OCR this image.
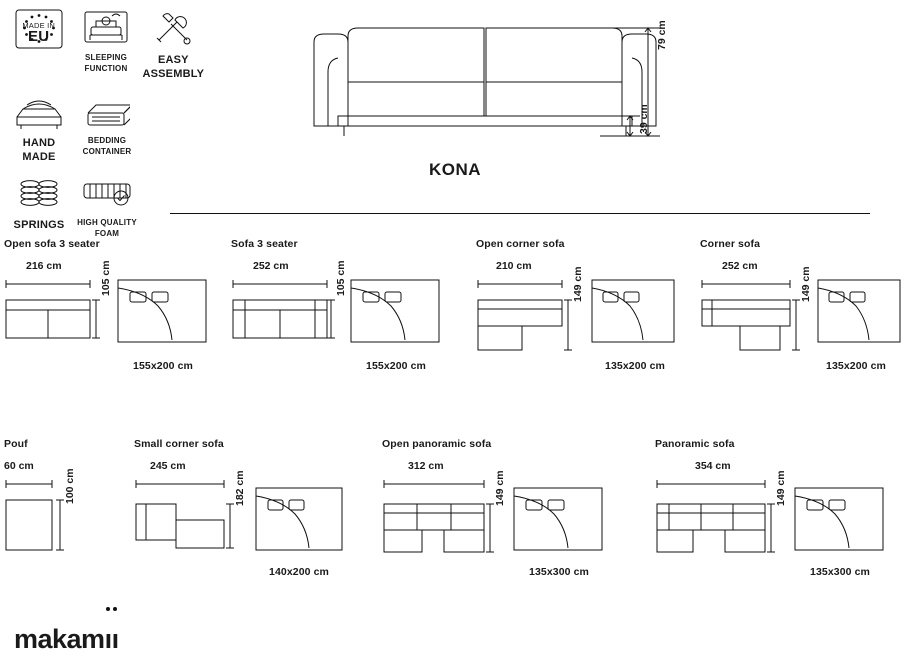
MADE IN
EU
SLEEPING
FUNCTION
EASY
ASSEMBLY
HAND
MADE
BEDDING
CONTAINER
SPRINGS HIGH QUALITY
FOAM
79 cm
39 cm
KONA
Open sofa 3 seater
216 cm	105 cm
155x200 cm
Sofa 3 seater
252 cm	105 cm
155x200 cm
Open corner sofa
210 cm
149 cm
135x200 cm
Corner sofa
252 cm
149 cm
135x200 cm
Pouf
60 cm
100 cm
Small corner sofa
245 cm
182 cm
140x200 cm
Open panoramic sofa
312 cm
149 cm
135x300 cm
Panoramic sofa
354 cm
149 cm
135x300 cm
makamıı
